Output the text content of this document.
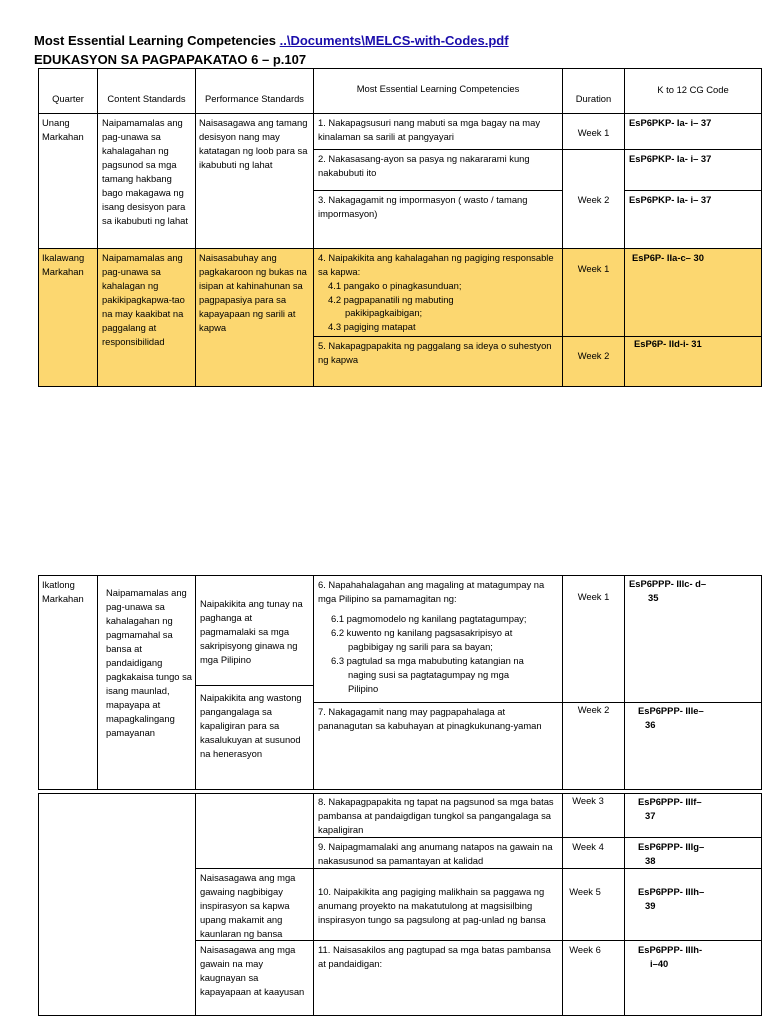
Most Essential Learning Competencies ..\Documents\MELCS-with-Codes.pdf
EDUKASYON SA PAGPAPAKATAO 6 – p.107
Quarter	Content Standards	Performance Standards
Most Essential Learning Competencies
Duration
K to 12 CG Code
Unang Markahan
Naipamamalas ang pag-unawa sa kahalagahan ng pagsunod sa mga tamang hakbang bago makagawa ng isang desisyon para sa ikabubuti ng lahat
Naisasagawa ang tamang desisyon nang may katatagan ng loob para sa ikabubuti ng lahat
1. Nakapagsusuri nang mabuti sa mga bagay na may kinalaman sa sarili at pangyayari
2. Nakasasang-ayon sa pasya ng nakararami kung nakabubuti ito
3. Nakagagamit ng impormasyon ( wasto / tamang impormasyon)
Week 1
Week 2
EsP6PKP- Ia- i– 37
EsP6PKP- Ia- i– 37
EsP6PKP- Ia- i– 37
Ikalawang Markahan
Naipamamalas ang pag-unawa sa kahalagan ng pakikipagkapwa-tao na may kaakibat na paggalang at responsibilidad
Naisasabuhay ang pagkakaroon ng bukas na isipan at kahinahunan sa pagpapasiya para sa kapayapaan ng sarili at kapwa
4. Naipakikita ang kahalagahan ng pagiging responsable sa kapwa:
4.1 pangako o pinagkasunduan;
4.2 pagpapanatili ng mabuting
pakikipagkaibigan;
4.3 pagiging matapat
5. Nakapagpapakita ng paggalang sa ideya o suhestyon ng kapwa
Week 1
Week 2
EsP6P- IIa-c– 30
EsP6P- IId-i- 31
Ikatlong Markahan
Naipamamalas ang pag-unawa sa kahalagahan ng pagmamahal sa bansa at pandaidigang pagkakaisa tungo sa isang maunlad, mapayapa at mapagkalingang pamayanan
Naipakikita ang tunay na paghanga at pagmamalaki sa mga sakripisyong ginawa ng mga Pilipino
Naipakikita ang wastong pangangalaga sa kapaligiran para sa kasalukuyan at susunod na henerasyon
6. Napahahalagahan ang magaling at matagumpay na mga Pilipino sa pamamagitan ng:
6.1 pagmomodelo ng kanilang pagtatagumpay;
6.2 kuwento ng kanilang pagsasakripisyo at
pagbibigay ng sarili para sa bayan;
6.3 pagtulad sa mga mabubuting katangian na
naging susi sa pagtatagumpay ng mga
Pilipino
7. Nakagagamit nang may pagpapahalaga at pananagutan sa kabuhayan at pinagkukunang-yaman
Week 1
Week 2
EsP6PPP- IIIc- d–
35
EsP6PPP- IIIe–
36
8. Nakapagpapakita ng tapat na pagsunod sa mga batas pambansa at pandaigdigan tungkol sa pangangalaga sa kapaligiran
9. Naipagmamalaki ang anumang natapos na gawain na nakasusunod sa pamantayan at kalidad
Naisasagawa ang mga gawaing nagbibigay inspirasyon sa kapwa upang makamit ang kaunlaran ng bansa
10. Naipakikita ang pagiging malikhain sa paggawa ng anumang proyekto na makatutulong at magsisilbing inspirasyon tungo sa pagsulong at pag-unlad ng bansa
Naisasagawa ang mga gawain na may kaugnayan sa kapayapaan at kaayusan
11. Naisasakilos ang pagtupad sa mga batas pambansa at pandaidigan:
Week 3
Week 4
Week 5
Week 6
EsP6PPP- IIIf–
37
EsP6PPP- IIIg–
38
EsP6PPP- IIIh–
39
EsP6PPP- IIIh-
i–40
